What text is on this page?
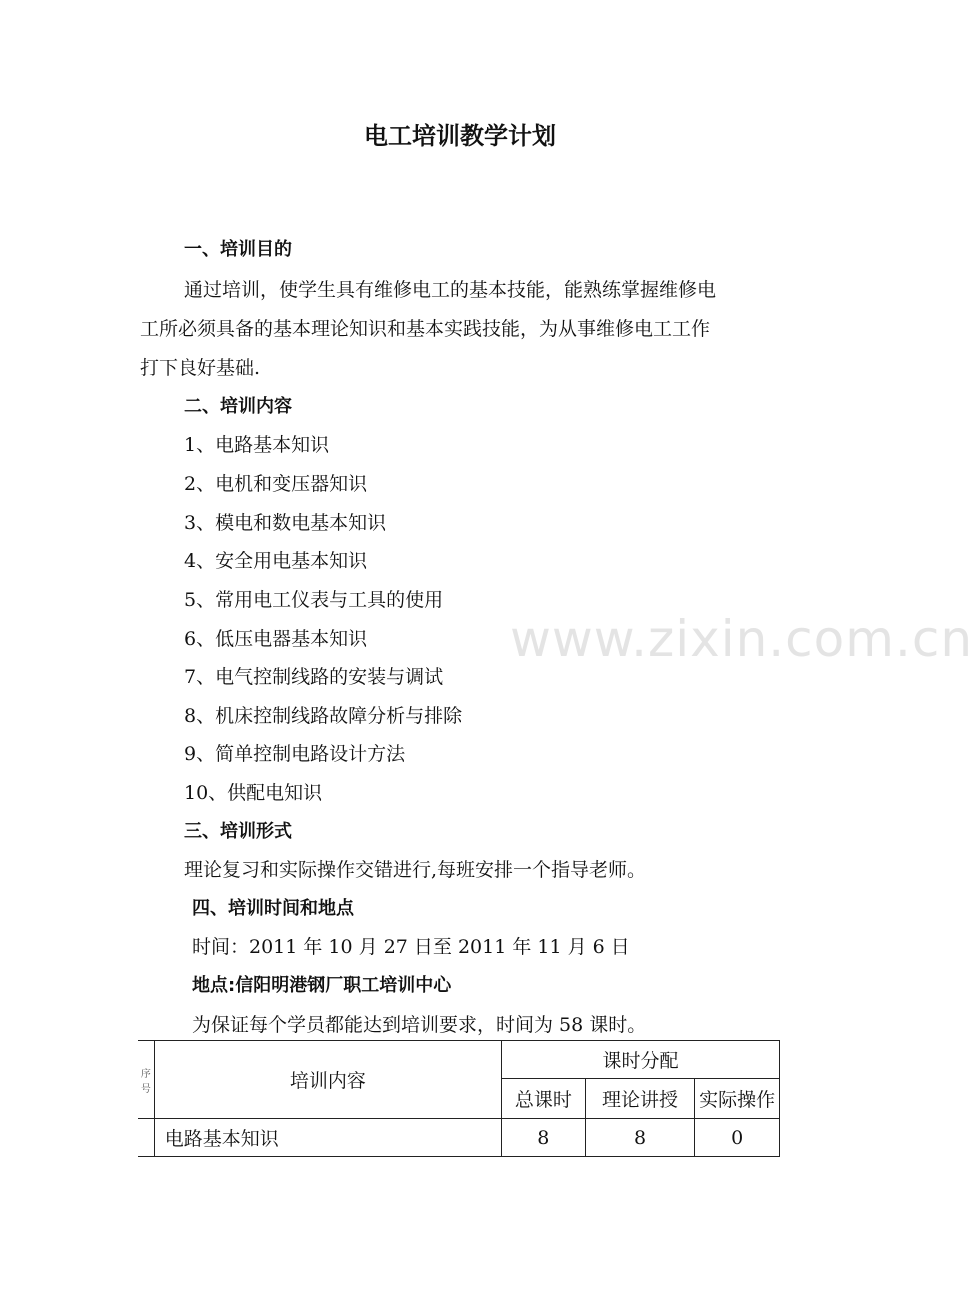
电工培训教学计划
www.zixin.com.cn
一、培训目的
通过培训，使学生具有维修电工的基本技能，能熟练掌握维修电
工所必须具备的基本理论知识和基本实践技能，为从事维修电工工作
打下良好基础.
二、培训内容
1、电路基本知识
2、电机和变压器知识
3、模电和数电基本知识
4、安全用电基本知识
5、常用电工仪表与工具的使用
6、低压电器基本知识
7、电气控制线路的安装与调试
8、机床控制线路故障分析与排除
9、简单控制电路设计方法
10、供配电知识
三、培训形式
理论复习和实际操作交错进行,每班安排一个指导老师。
四、培训时间和地点
时间：2011 年 10 月 27 日至 2011 年 11 月 6 日
地点:信阳明港钢厂职工培训中心
为保证每个学员都能达到培训要求，时间为 58 课时。
序
号	培训内容	课时分配		
		总课时	理论讲授	实际操作
	电路基本知识	8	8	0
